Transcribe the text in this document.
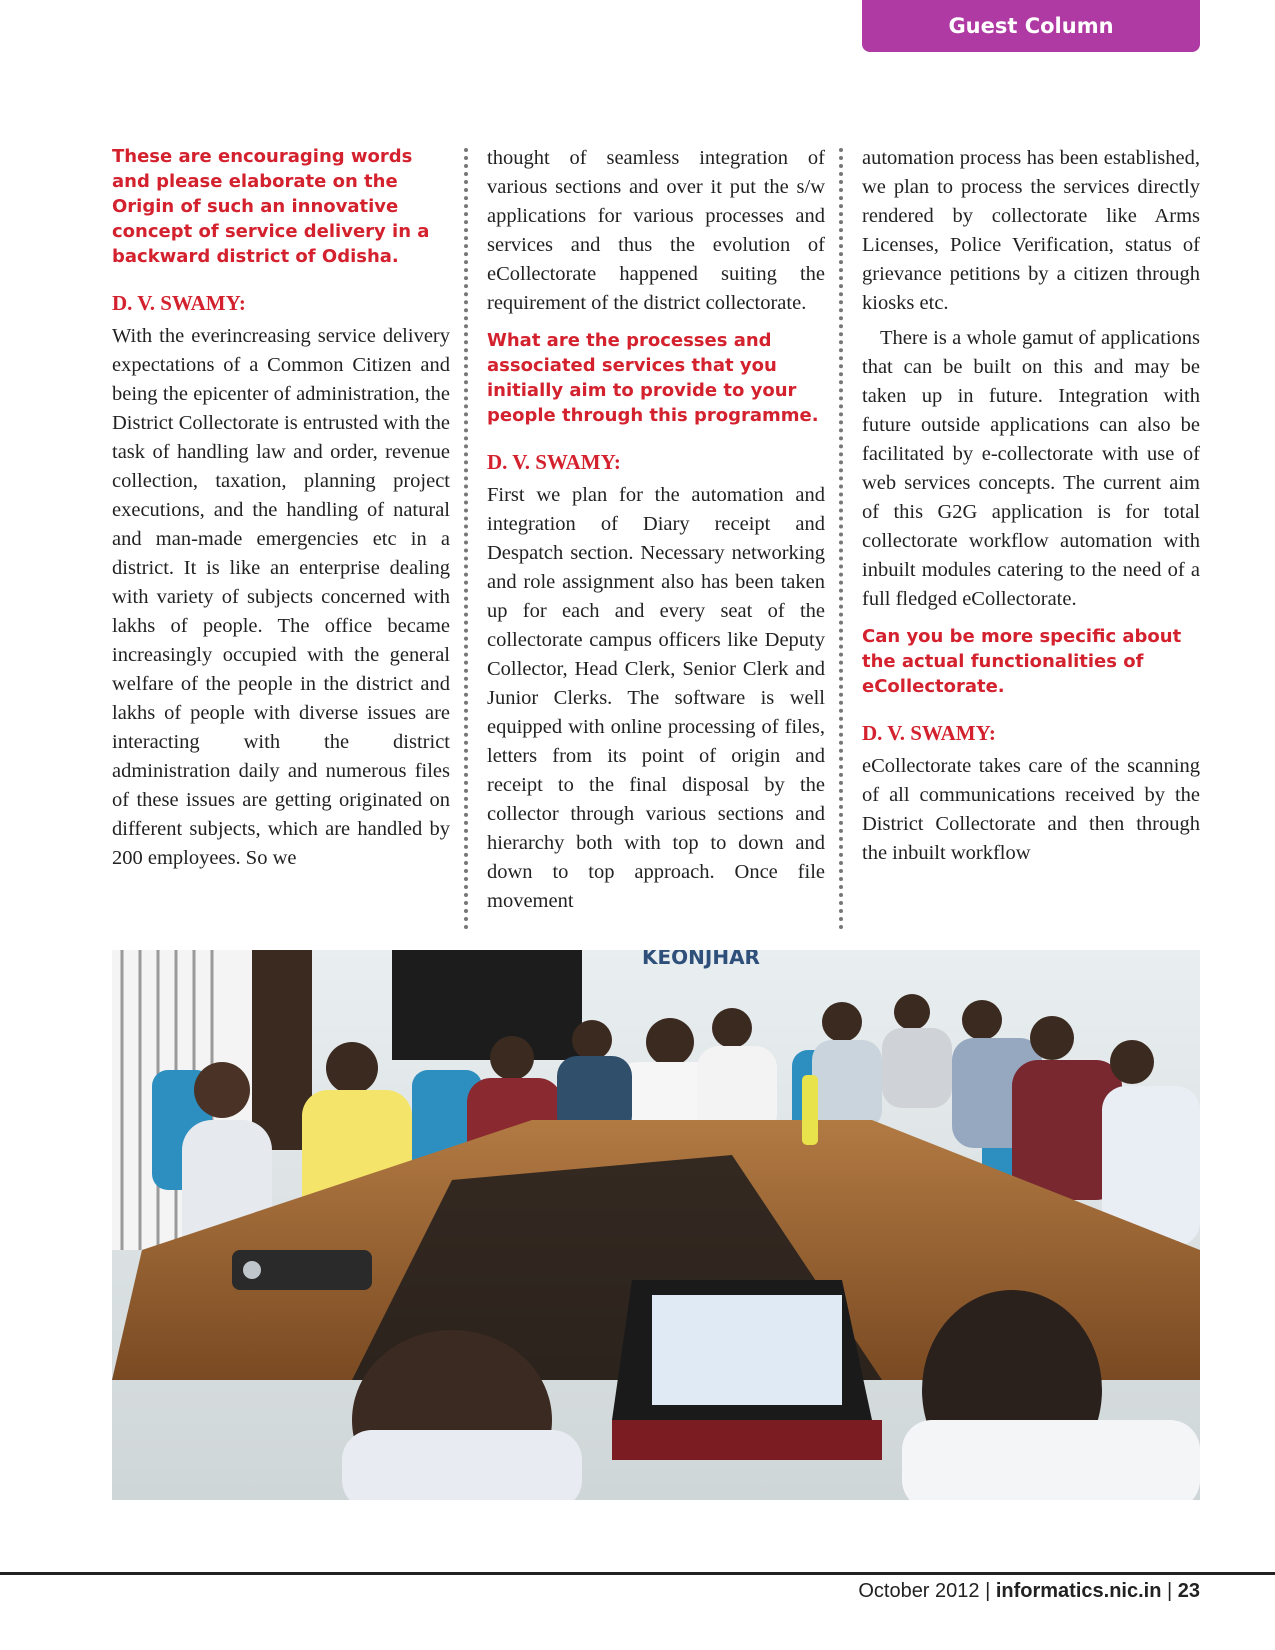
Guest Column
These are encouraging words and please elaborate on the Origin of such an innovative concept of service delivery in a backward district of Odisha.
D. V. SWAMY:
With the everincreasing service delivery expectations of a Common Citizen and being the epicenter of administration, the District Collectorate is entrusted with the task of handling law and order, revenue collection, taxation, planning project executions, and the handling of natural and man-made emergencies etc in a district. It is like an enterprise dealing with variety of subjects concerned with lakhs of people. The office became increasingly occupied with the general welfare of the people in the district and lakhs of people with diverse issues are interacting with the district administration daily and numerous files of these issues are getting originated on different subjects, which are handled by 200 employees. So we
thought of seamless integration of various sections and over it put the s/w applications for various processes and services and thus the evolution of eCollectorate happened suiting the requirement of the district collectorate.
What are the processes and associated services that you initially aim to provide to your people through this programme.
D. V. SWAMY:
First we plan for the automation and integration of Diary receipt and Despatch section. Necessary networking and role assignment also has been taken up for each and every seat of the collectorate campus officers like Deputy Collector, Head Clerk, Senior Clerk and Junior Clerks. The software is well equipped with online processing of files, letters from its point of origin and receipt to the final disposal by the collector through various sections and hierarchy both with top to down and down to top approach. Once file movement
automation process has been established, we plan to process the services directly rendered by collectorate like Arms Licenses, Police Verification, status of grievance petitions by a citizen through kiosks etc.
There is a whole gamut of applications that can be built on this and may be taken up in future. Integration with future outside applications can also be facilitated by e-collectorate with use of web services concepts. The current aim of this G2G application is for total collectorate workflow automation with inbuilt modules catering to the need of a full fledged eCollectorate.
Can you be more specific about the actual functionalities of eCollectorate.
D. V. SWAMY:
eCollectorate takes care of the scanning of all communications received by the District Collectorate and then through the inbuilt workflow
KEONJHAR
October 2012 | informatics.nic.in | 23
